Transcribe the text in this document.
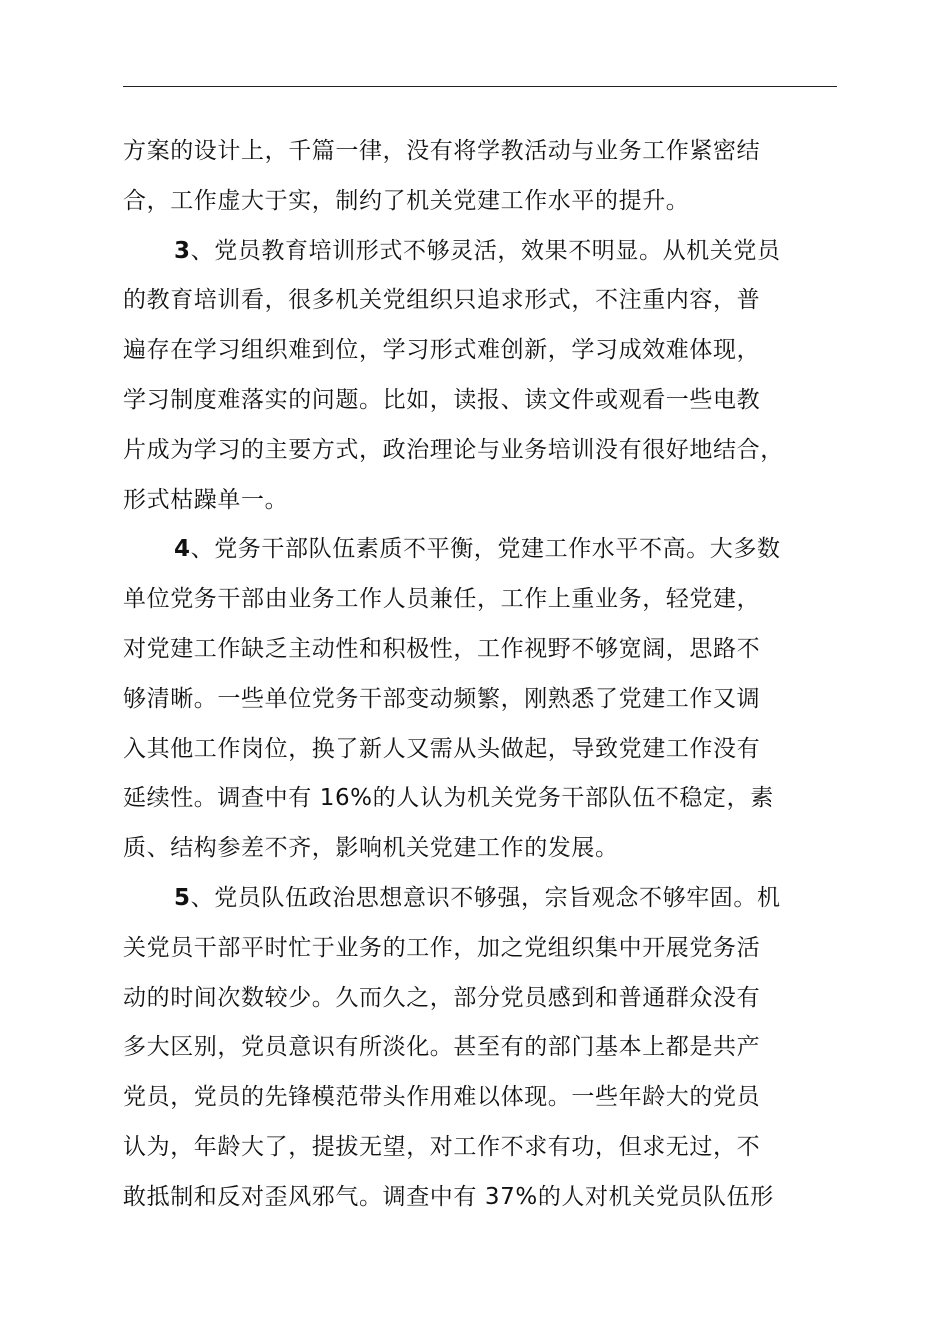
方案的设计上，千篇一律，没有将学教活动与业务工作紧密结
合，工作虚大于实，制约了机关党建工作水平的提升。
3、党员教育培训形式不够灵活，效果不明显。从机关党员
的教育培训看，很多机关党组织只追求形式，不注重内容，普
遍存在学习组织难到位，学习形式难创新，学习成效难体现，
学习制度难落实的问题。比如，读报、读文件或观看一些电教
片成为学习的主要方式，政治理论与业务培训没有很好地结合，
形式枯躁单一。
4、党务干部队伍素质不平衡，党建工作水平不高。大多数
单位党务干部由业务工作人员兼任，工作上重业务，轻党建，
对党建工作缺乏主动性和积极性，工作视野不够宽阔，思路不
够清晰。一些单位党务干部变动频繁，刚熟悉了党建工作又调
入其他工作岗位，换了新人又需从头做起，导致党建工作没有
延续性。调查中有 16%的人认为机关党务干部队伍不稳定，素
质、结构参差不齐，影响机关党建工作的发展。
5、党员队伍政治思想意识不够强，宗旨观念不够牢固。机
关党员干部平时忙于业务的工作，加之党组织集中开展党务活
动的时间次数较少。久而久之，部分党员感到和普通群众没有
多大区别，党员意识有所淡化。甚至有的部门基本上都是共产
党员，党员的先锋模范带头作用难以体现。一些年龄大的党员
认为，年龄大了，提拔无望，对工作不求有功，但求无过，不
敢抵制和反对歪风邪气。调查中有 37%的人对机关党员队伍形
